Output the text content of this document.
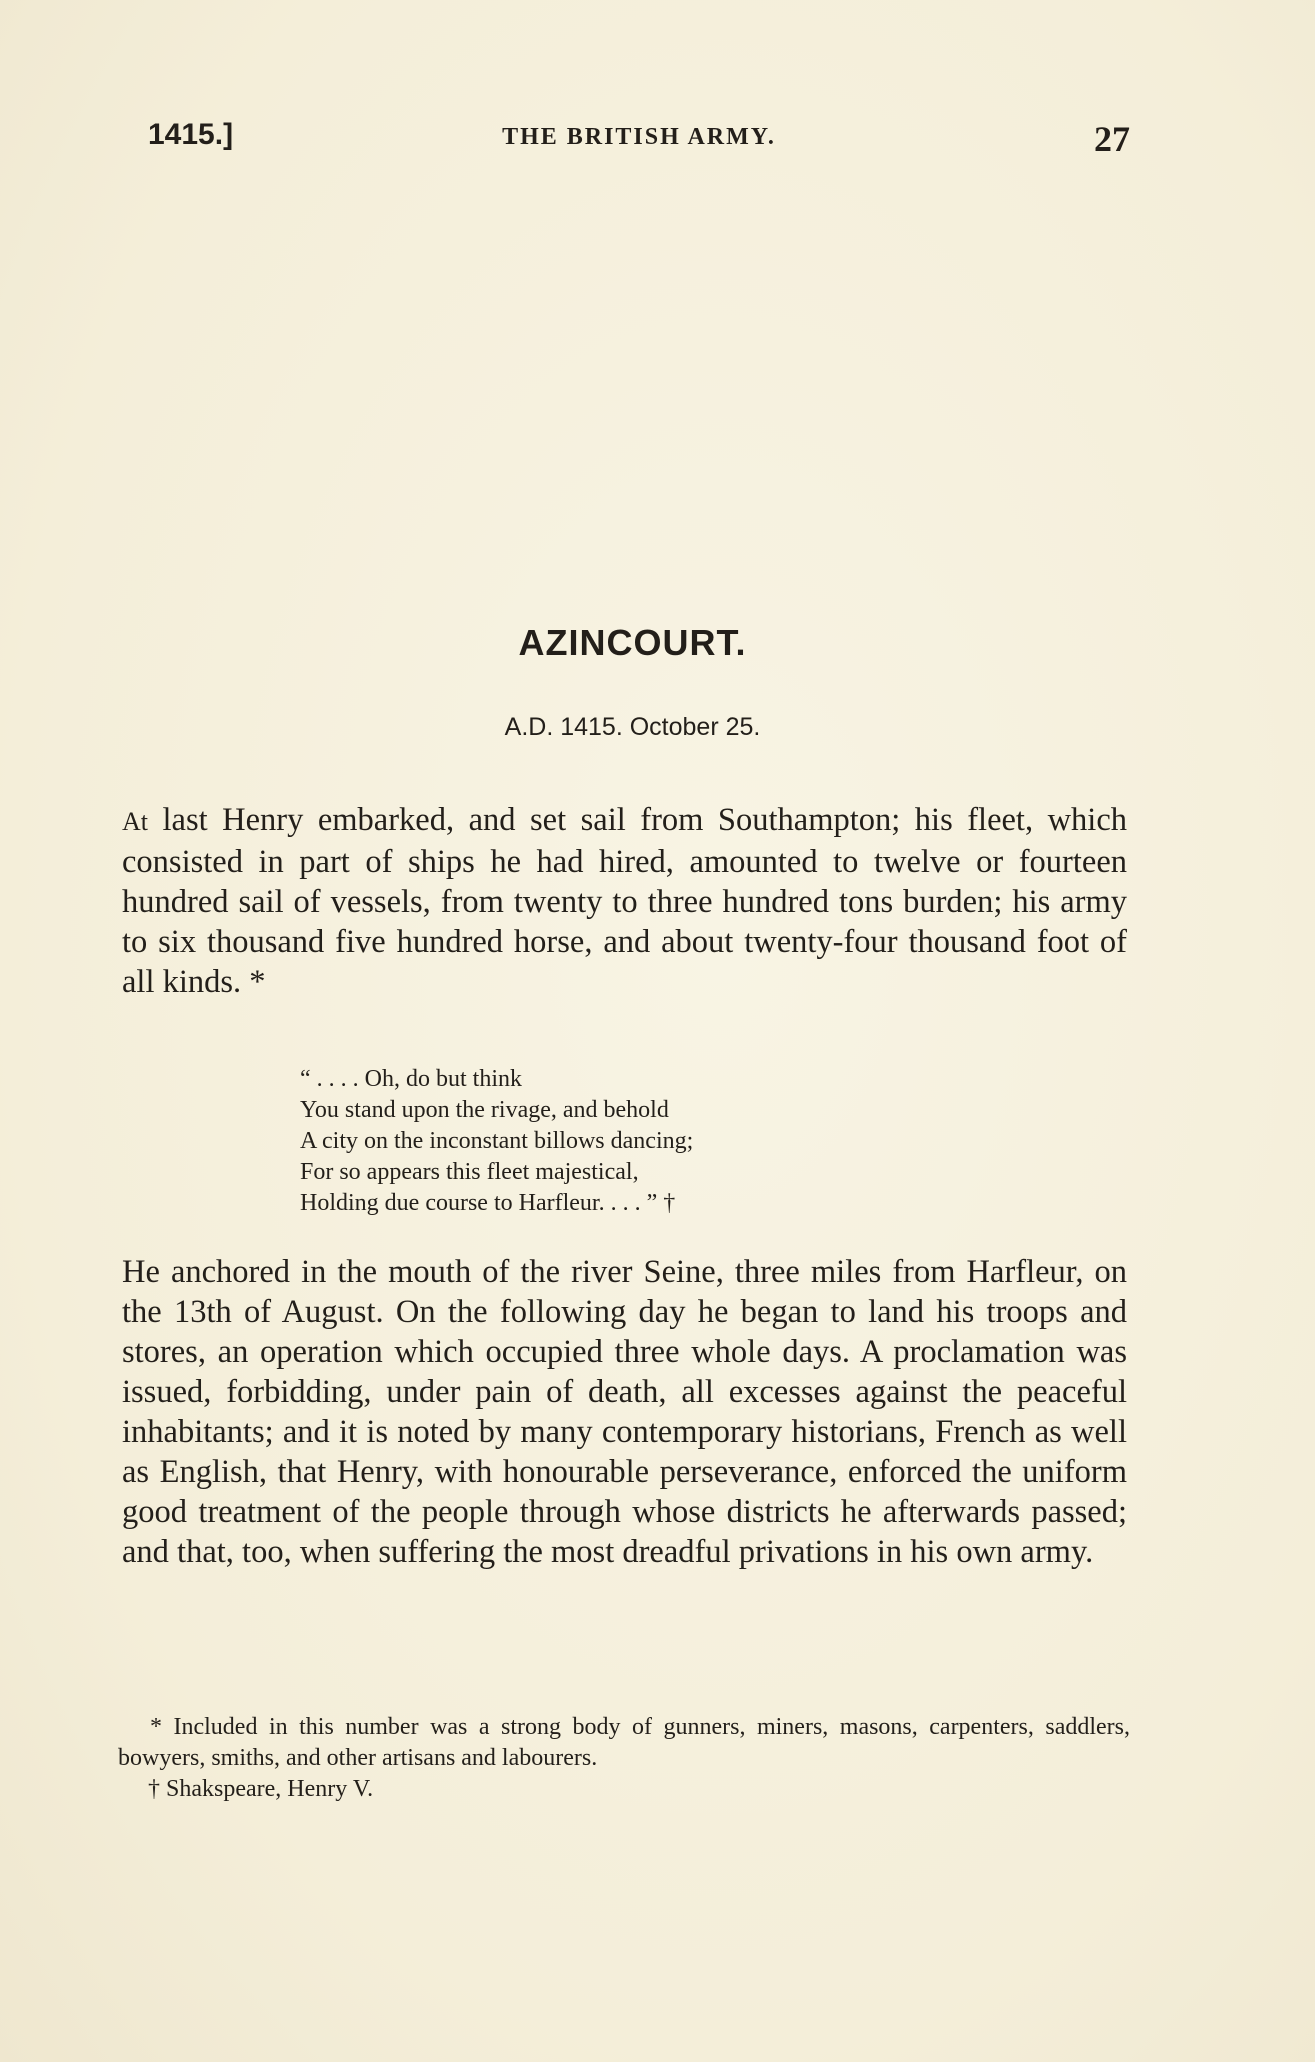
1415.]	THE BRITISH ARMY.	27
AZINCOURT.
A.D. 1415. October 25.
At last Henry embarked, and set sail from Southampton; his fleet, which consisted in part of ships he had hired, amounted to twelve or fourteen hundred sail of vessels, from twenty to three hundred tons burden; his army to six thousand five hundred horse, and about twenty-four thousand foot of all kinds. *
“ . . . . Oh, do but think
You stand upon the rivage, and behold
A city on the inconstant billows dancing;
For so appears this fleet majestical,
Holding due course to Harfleur. . . . ” †
He anchored in the mouth of the river Seine, three miles from Harfleur, on the 13th of August. On the following day he began to land his troops and stores, an operation which occupied three whole days. A proclamation was issued, forbidding, under pain of death, all excesses against the peaceful inhabitants; and it is noted by many contemporary historians, French as well as English, that Henry, with honourable perseverance, enforced the uniform good treatment of the people through whose districts he afterwards passed; and that, too, when suffering the most dreadful privations in his own army.
* Included in this number was a strong body of gunners, miners, masons, carpenters, saddlers, bowyers, smiths, and other artisans and labourers.
† Shakspeare, Henry V.
